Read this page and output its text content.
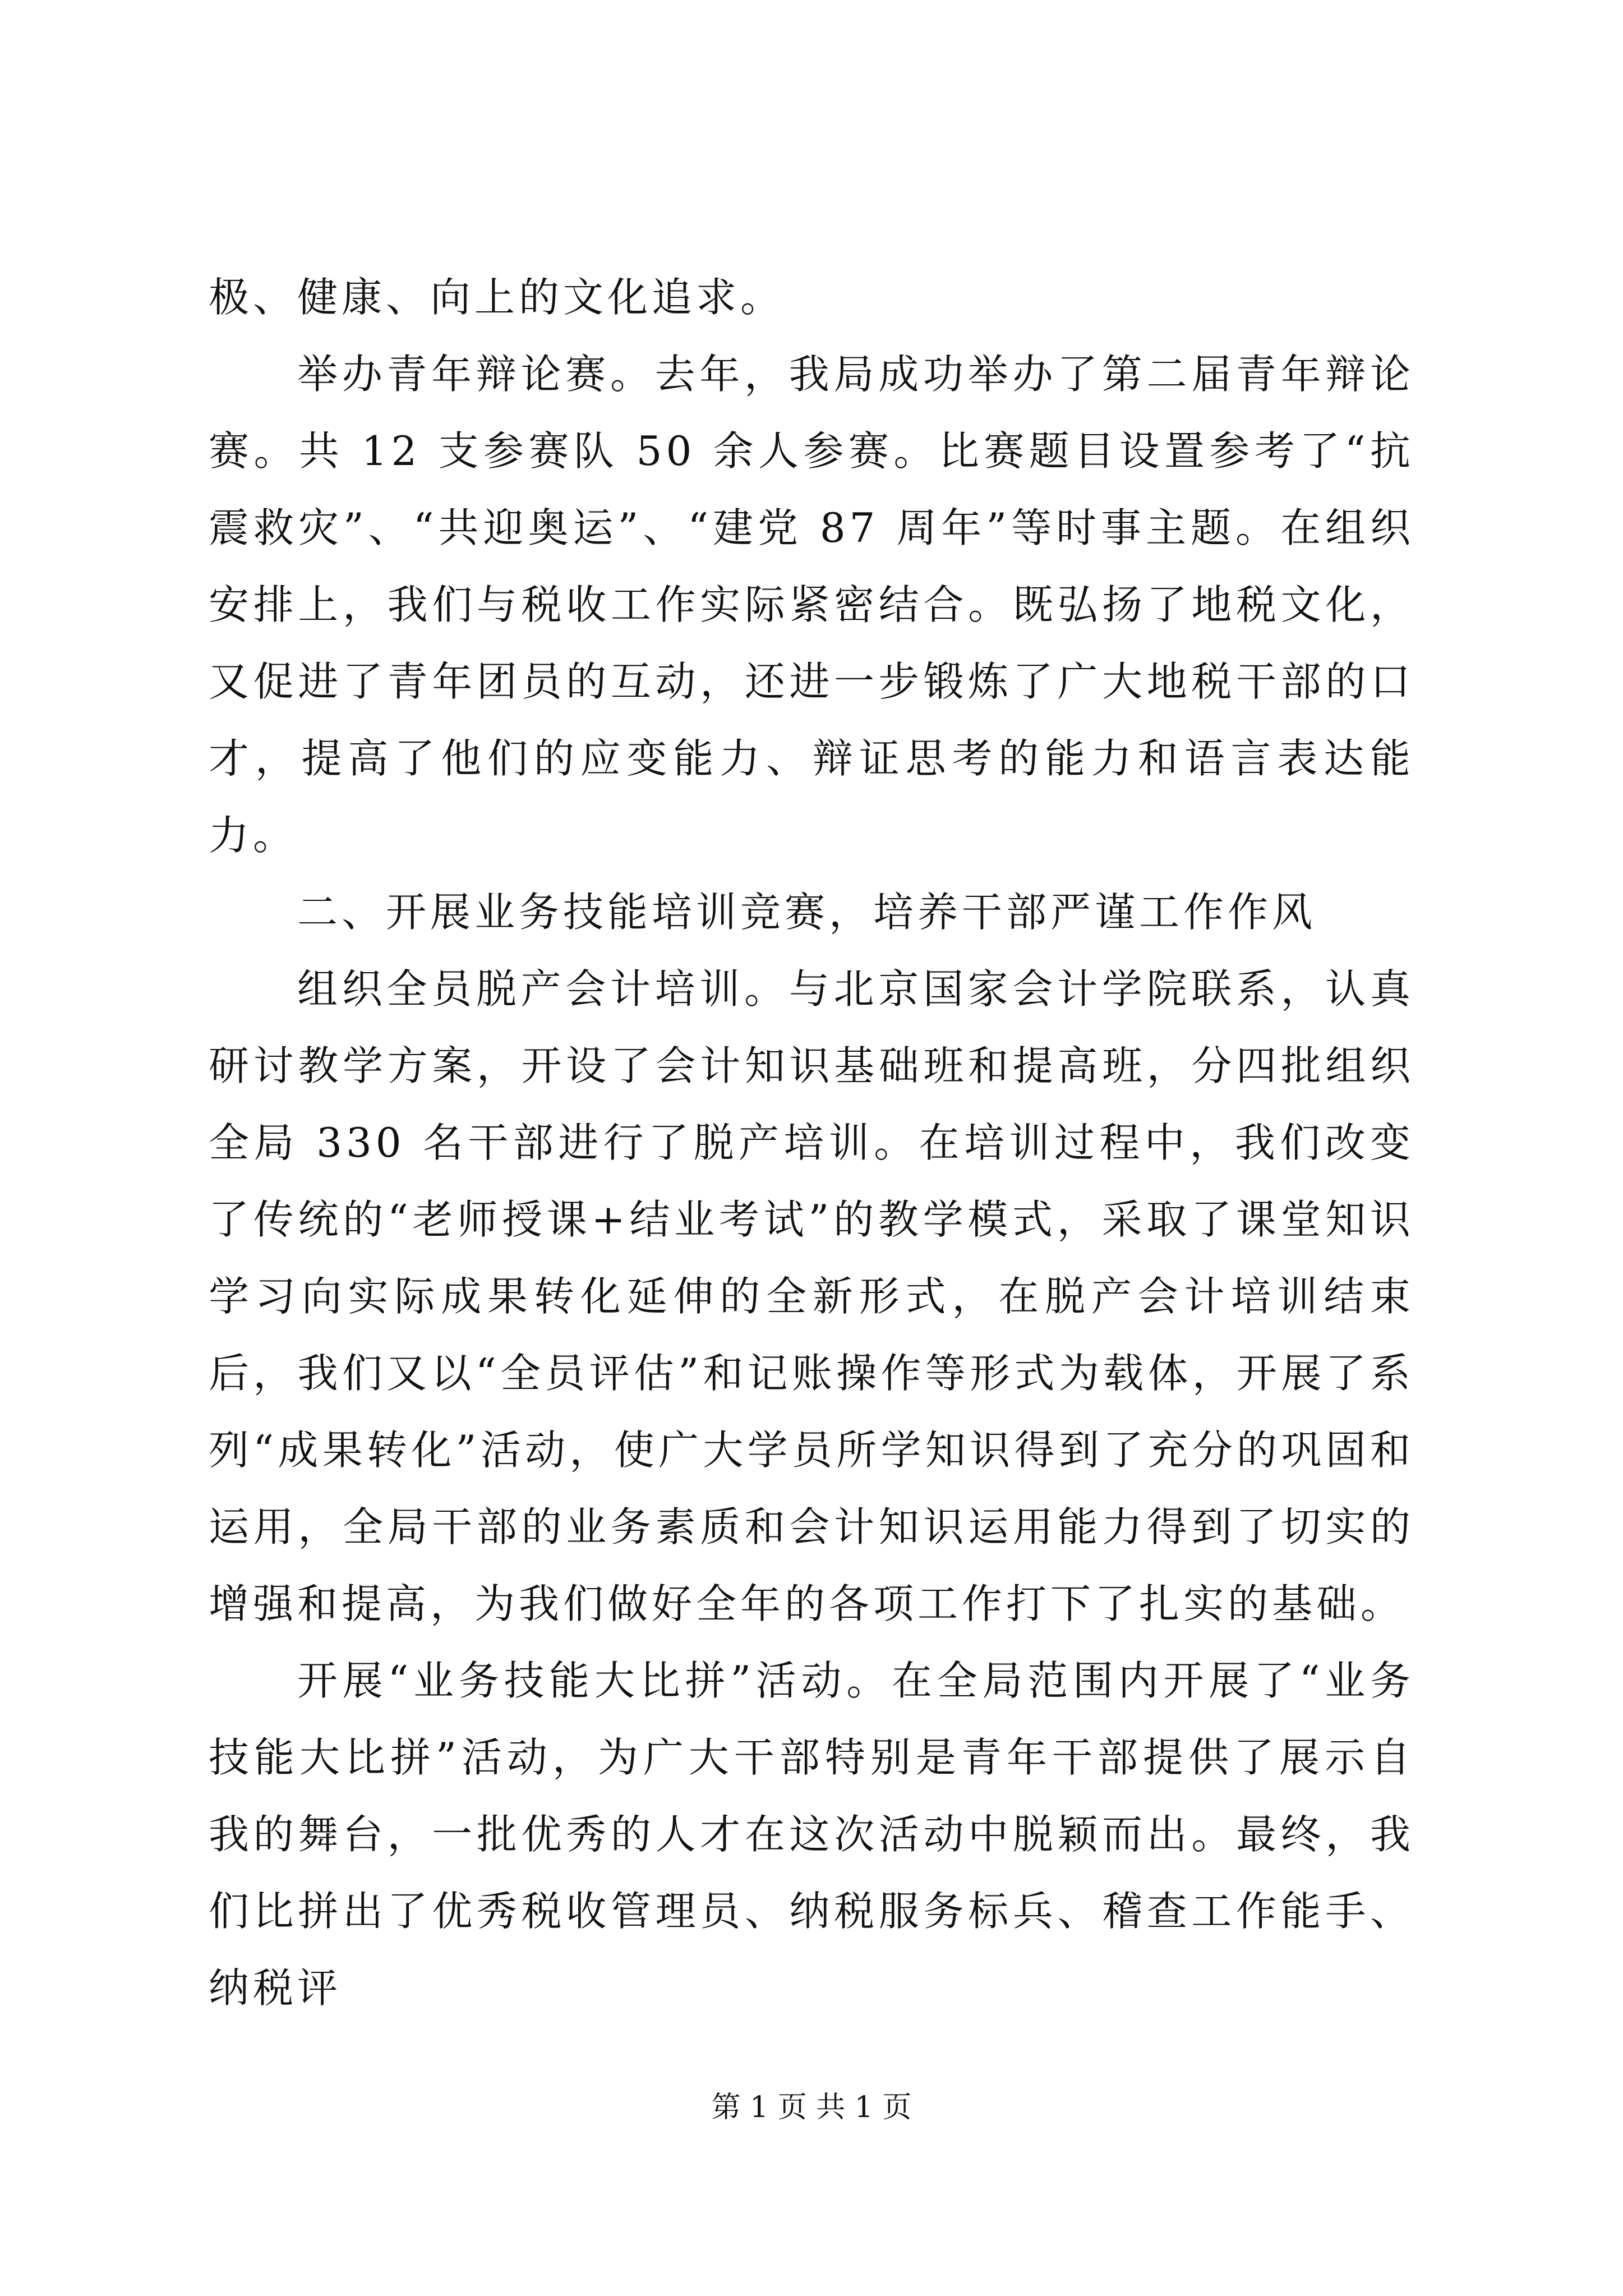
极、健康、向上的文化追求。

举办青年辩论赛。去年，我局成功举办了第二届青年辩论赛。共 12 支参赛队 50 余人参赛。比赛题目设置参考了“抗震救灾”、“共迎奥运”、“建党 87 周年”等时事主题。在组织安排上，我们与税收工作实际紧密结合。既弘扬了地税文化，又促进了青年团员的互动，还进一步锻炼了广大地税干部的口才，提高了他们的应变能力、辩证思考的能力和语言表达能力。

二、开展业务技能培训竞赛，培养干部严谨工作作风

组织全员脱产会计培训。与北京国家会计学院联系，认真研讨教学方案，开设了会计知识基础班和提高班，分四批组织全局 330 名干部进行了脱产培训。在培训过程中，我们改变了传统的“老师授课+结业考试”的教学模式，采取了课堂知识学习向实际成果转化延伸的全新形式，在脱产会计培训结束后，我们又以“全员评估”和记账操作等形式为载体，开展了系列“成果转化”活动，使广大学员所学知识得到了充分的巩固和运用，全局干部的业务素质和会计知识运用能力得到了切实的增强和提高，为我们做好全年的各项工作打下了扎实的基础。

开展“业务技能大比拼”活动。在全局范围内开展了“业务技能大比拼”活动，为广大干部特别是青年干部提供了展示自我的舞台，一批优秀的人才在这次活动中脱颖而出。最终，我们比拼出了优秀税收管理员、纳税服务标兵、稽查工作能手、纳税评

第 1 页 共 1 页
